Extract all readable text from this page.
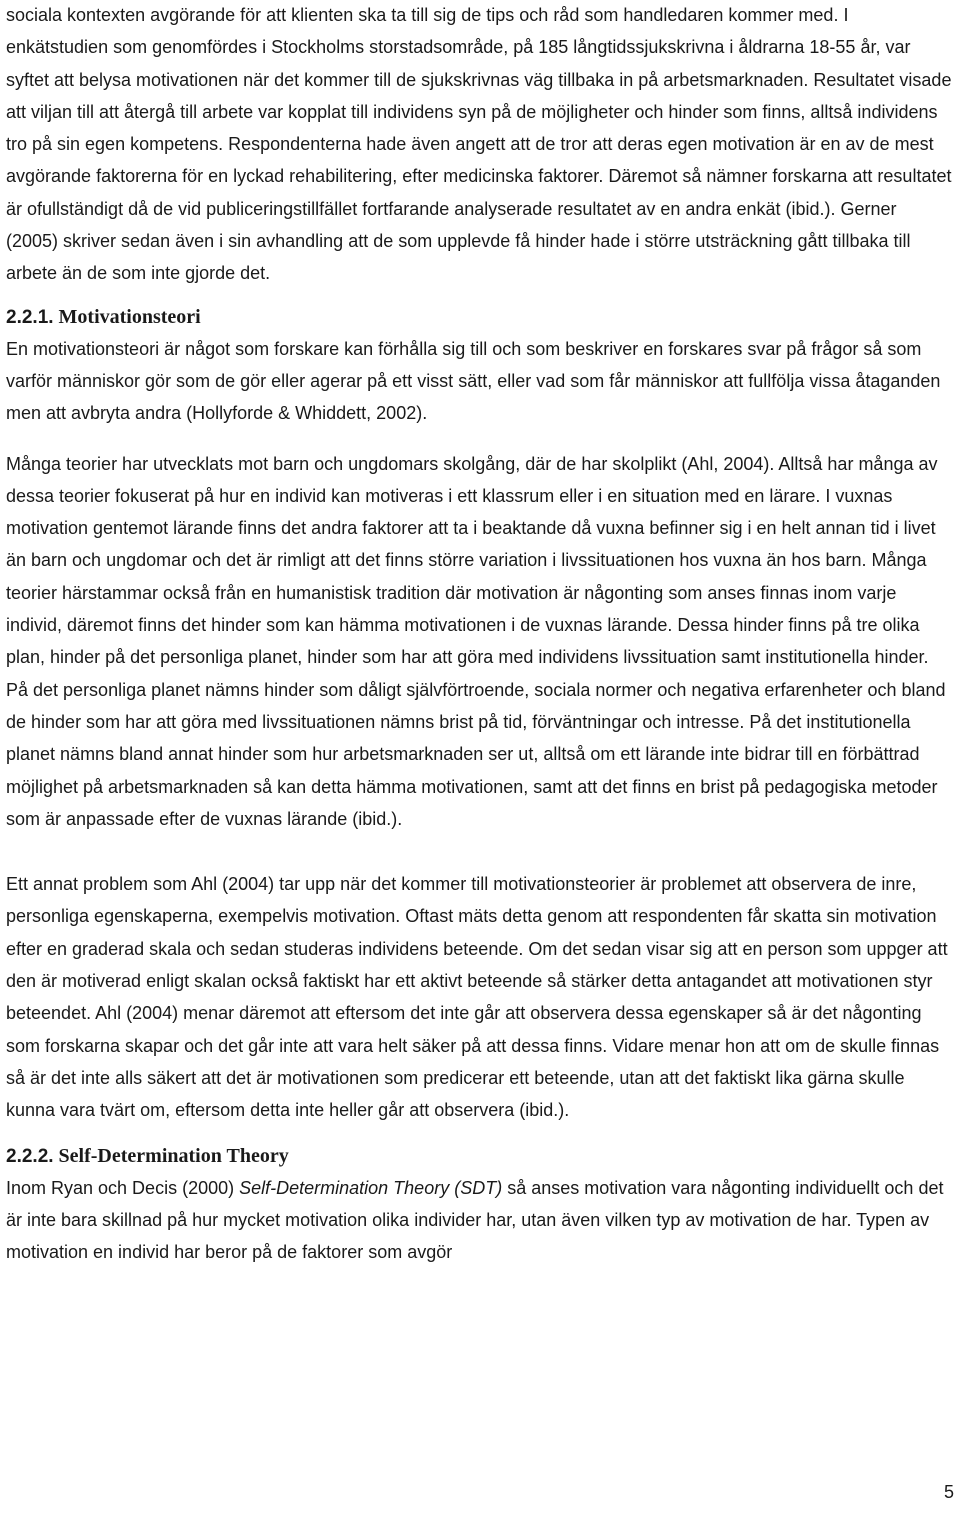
sociala kontexten avgörande för att klienten ska ta till sig de tips och råd som handledaren kommer med. I enkätstudien som genomfördes i Stockholms storstadsområde, på 185 långtidssjukskrivna i åldrarna 18-55 år, var syftet att belysa motivationen när det kommer till de sjukskrivnas väg tillbaka in på arbetsmarknaden. Resultatet visade att viljan till att återgå till arbete var kopplat till individens syn på de möjligheter och hinder som finns, alltså individens tro på sin egen kompetens. Respondenterna hade även angett att de tror att deras egen motivation är en av de mest avgörande faktorerna för en lyckad rehabilitering, efter medicinska faktorer. Däremot så nämner forskarna att resultatet är ofullständigt då de vid publiceringstillfället fortfarande analyserade resultatet av en andra enkät (ibid.). Gerner (2005) skriver sedan även i sin avhandling att de som upplevde få hinder hade i större utsträckning gått tillbaka till arbete än de som inte gjorde det.

2.2.1. Motivationsteori

En motivationsteori är något som forskare kan förhålla sig till och som beskriver en forskares svar på frågor så som varför människor gör som de gör eller agerar på ett visst sätt, eller vad som får människor att fullfölja vissa åtaganden men att avbryta andra (Hollyforde & Whiddett, 2002).

Många teorier har utvecklats mot barn och ungdomars skolgång, där de har skolplikt (Ahl, 2004). Alltså har många av dessa teorier fokuserat på hur en individ kan motiveras i ett klassrum eller i en situation med en lärare. I vuxnas motivation gentemot lärande finns det andra faktorer att ta i beaktande då vuxna befinner sig i en helt annan tid i livet än barn och ungdomar och det är rimligt att det finns större variation i livssituationen hos vuxna än hos barn. Många teorier härstammar också från en humanistisk tradition där motivation är någonting som anses finnas inom varje individ, däremot finns det hinder som kan hämma motivationen i de vuxnas lärande. Dessa hinder finns på tre olika plan, hinder på det personliga planet, hinder som har att göra med individens livssituation samt institutionella hinder. På det personliga planet nämns hinder som dåligt självförtroende, sociala normer och negativa erfarenheter och bland de hinder som har att göra med livssituationen nämns brist på tid, förväntningar och intresse. På det institutionella planet nämns bland annat hinder som hur arbetsmarknaden ser ut, alltså om ett lärande inte bidrar till en förbättrad möjlighet på arbetsmarknaden så kan detta hämma motivationen, samt att det finns en brist på pedagogiska metoder som är anpassade efter de vuxnas lärande (ibid.).

Ett annat problem som Ahl (2004) tar upp när det kommer till motivationsteorier är problemet att observera de inre, personliga egenskaperna, exempelvis motivation. Oftast mäts detta genom att respondenten får skatta sin motivation efter en graderad skala och sedan studeras individens beteende. Om det sedan visar sig att en person som uppger att den är motiverad enligt skalan också faktiskt har ett aktivt beteende så stärker detta antagandet att motivationen styr beteendet. Ahl (2004) menar däremot att eftersom det inte går att observera dessa egenskaper så är det någonting som forskarna skapar och det går inte att vara helt säker på att dessa finns. Vidare menar hon att om de skulle finnas så är det inte alls säkert att det är motivationen som predicerar ett beteende, utan att det faktiskt lika gärna skulle kunna vara tvärt om, eftersom detta inte heller går att observera (ibid.).

2.2.2. Self-Determination Theory

Inom Ryan och Decis (2000) Self-Determination Theory (SDT) så anses motivation vara någonting individuellt och det är inte bara skillnad på hur mycket motivation olika individer har, utan även vilken typ av motivation de har. Typen av motivation en individ har beror på de faktorer som avgör

5
